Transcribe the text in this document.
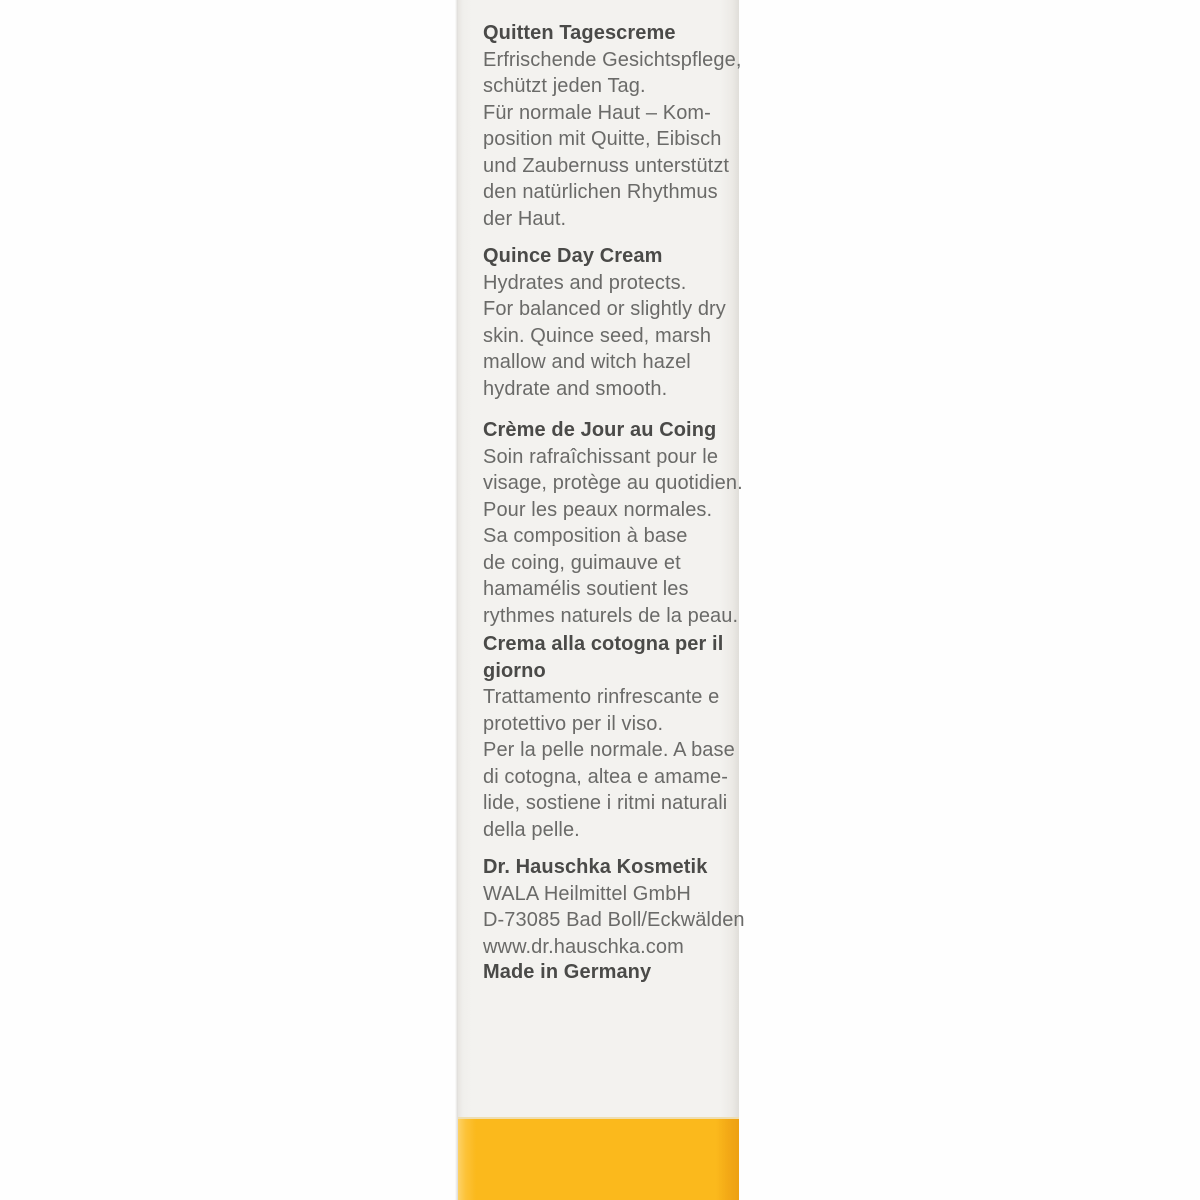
Quitten Tagescreme
Erfrischende Gesichtspflege,
schützt jeden Tag.
Für normale Haut – Kom-
position mit Quitte, Eibisch
und Zaubernuss unterstützt
den natürlichen Rhythmus
der Haut.
Quince Day Cream
Hydrates and protects.
For balanced or slightly dry
skin. Quince seed, marsh
mallow and witch hazel
hydrate and smooth.
Crème de Jour au Coing
Soin rafraîchissant pour le
visage, protège au quotidien.
Pour les peaux normales.
Sa composition à base
de coing, guimauve et
hamamélis soutient les
rythmes naturels de la peau.
Crema alla cotogna per il
giorno
Trattamento rinfrescante e
protettivo per il viso.
Per la pelle normale. A base
di cotogna, altea e amame-
lide, sostiene i ritmi naturali
della pelle.
Dr. Hauschka Kosmetik
WALA Heilmittel GmbH
D-73085 Bad Boll/Eckwälden
www.dr.hauschka.com
Made in Germany
